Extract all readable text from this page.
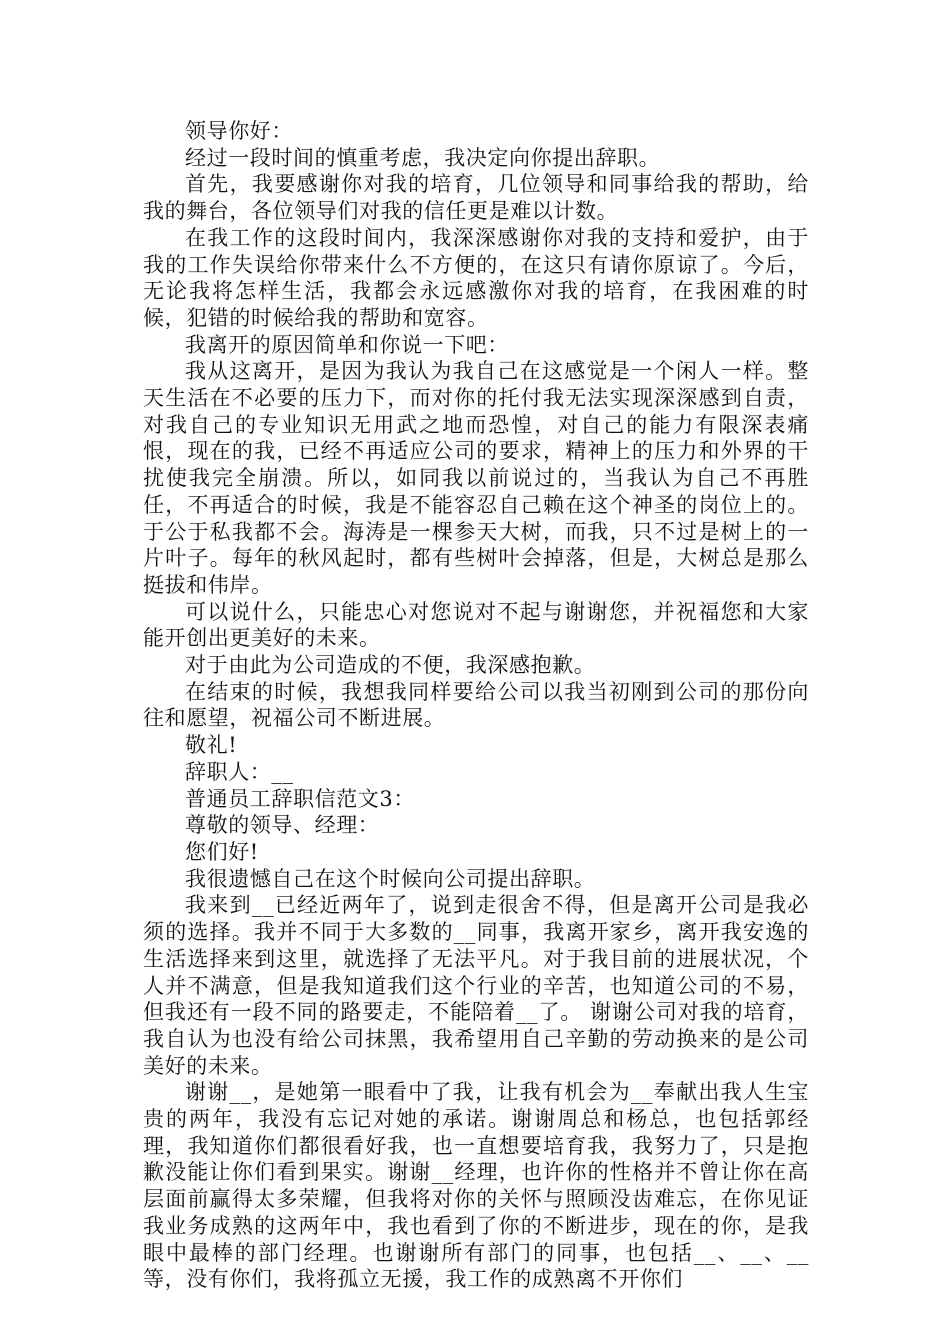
领导你好：

经过一段时间的慎重考虑，我决定向你提出辞职。

首先，我要感谢你对我的培育，几位领导和同事给我的帮助，给我的舞台，各位领导们对我的信任更是难以计数。

在我工作的这段时间内，我深深感谢你对我的支持和爱护，由于我的工作失误给你带来什么不方便的，在这只有请你原谅了。今后，无论我将怎样生活，我都会永远感激你对我的培育，在我困难的时候，犯错的时候给我的帮助和宽容。

我离开的原因简单和你说一下吧：

我从这离开，是因为我认为我自己在这感觉是一个闲人一样。整天生活在不必要的压力下，而对你的托付我无法实现深深感到自责，对我自己的专业知识无用武之地而恐惶，对自己的能力有限深表痛恨，现在的我，已经不再适应公司的要求，精神上的压力和外界的干扰使我完全崩溃。所以，如同我以前说过的，当我认为自己不再胜任，不再适合的时候，我是不能容忍自己赖在这个神圣的岗位上的。于公于私我都不会。海涛是一棵参天大树，而我，只不过是树上的一片叶子。每年的秋风起时，都有些树叶会掉落，但是，大树总是那么挺拔和伟岸。

可以说什么，只能忠心对您说对不起与谢谢您，并祝福您和大家能开创出更美好的未来。

对于由此为公司造成的不便，我深感抱歉。

在结束的时候，我想我同样要给公司以我当初刚到公司的那份向往和愿望，祝福公司不断进展。

敬礼!

辞职人：__

普通员工辞职信范文3：

尊敬的领导、经理：

您们好!

我很遗憾自己在这个时候向公司提出辞职。

我来到__已经近两年了，说到走很舍不得，但是离开公司是我必须的选择。我并不同于大多数的__同事，我离开家乡，离开我安逸的生活选择来到这里，就选择了无法平凡。对于我目前的进展状况，个人并不满意，但是我知道我们这个行业的辛苦，也知道公司的不易，但我还有一段不同的路要走，不能陪着__了。 谢谢公司对我的培育，我自认为也没有给公司抹黑，我希望用自己辛勤的劳动换来的是公司美好的未来。

谢谢__，是她第一眼看中了我，让我有机会为__奉献出我人生宝贵的两年，我没有忘记对她的承诺。谢谢周总和杨总，也包括郭经理，我知道你们都很看好我，也一直想要培育我，我努力了，只是抱歉没能让你们看到果实。谢谢__经理，也许你的性格并不曾让你在高层面前赢得太多荣耀，但我将对你的关怀与照顾没齿难忘，在你见证我业务成熟的这两年中，我也看到了你的不断进步，现在的你，是我眼中最棒的部门经理。也谢谢所有部门的同事，也包括__、__、__等，没有你们，我将孤立无援，我工作的成熟离不开你们
